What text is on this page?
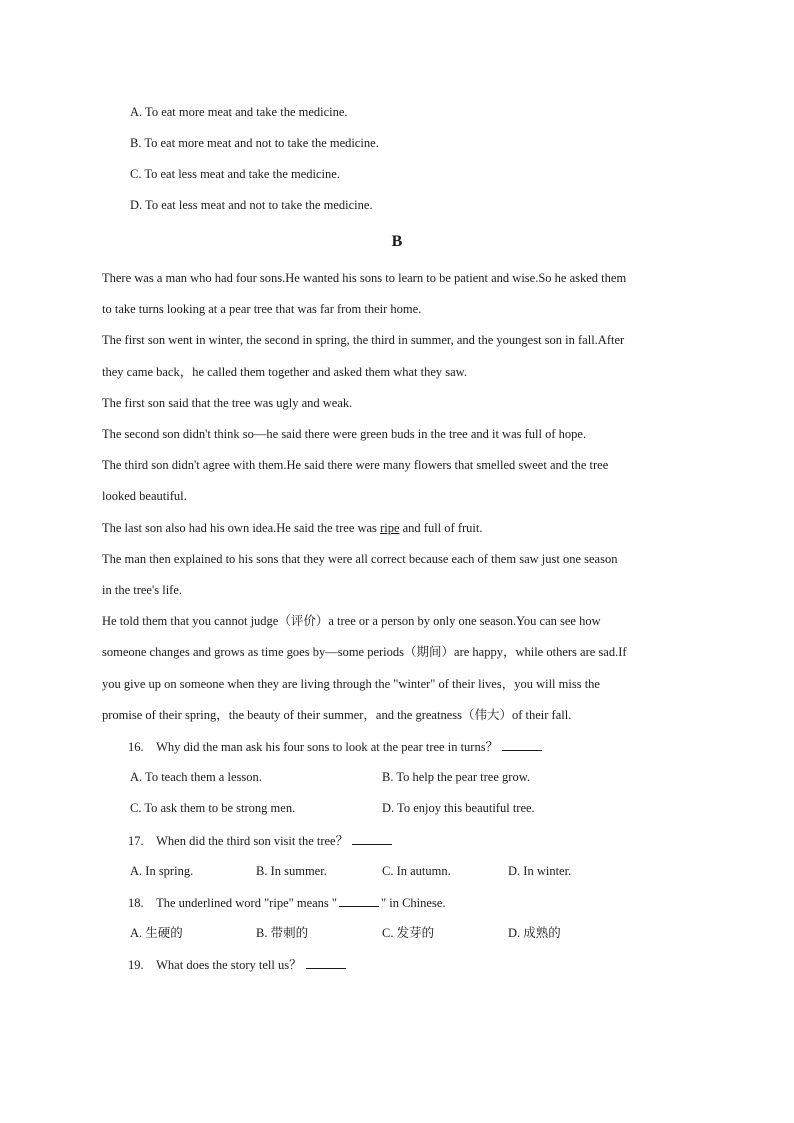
A. To eat more meat and take the medicine.
B. To eat more meat and not to take the medicine.
C. To eat less meat and take the medicine.
D. To eat less meat and not to take the medicine.
B
There was a man who had four sons.He wanted his sons to learn to be patient and wise.So he asked them
to take turns looking at a pear tree that was far from their home.
The first son went in winter, the second in spring, the third in summer, and the youngest son in fall.After
they came back，he called them together and asked them what they saw.
The first son said that the tree was ugly and weak.
The second son didn't think so—he said there were green buds in the tree and it was full of hope.
The third son didn't agree with them.He said there were many flowers that smelled sweet and the tree
looked beautiful.
The last son also had his own idea.He said the tree was ripe and full of fruit.
The man then explained to his sons that they were all correct because each of them saw just one season
in the tree's life.
He told them that you cannot judge（评价）a tree or a person by only one season.You can see how
someone changes and grows as time goes by—some periods（期间）are happy，while others are sad.If
you give up on someone when they are living through the "winter" of their lives，you will miss the
promise of their spring，the beauty of their summer，and the greatness（伟大）of their fall.
16.　Why did the man ask his four sons to look at the pear tree in turns？
A. To teach them a lesson.	B. To help the pear tree grow.
C. To ask them to be strong men.	D. To enjoy this beautiful tree.
17.　When did the third son visit the tree？
A. In spring.	B. In summer.	C. In autumn.	D. In winter.
18.　The underlined word "ripe" means "	" in Chinese.
A. 生硬的	B. 带刺的	C. 发芽的	D. 成熟的
19.　What does the story tell us？
